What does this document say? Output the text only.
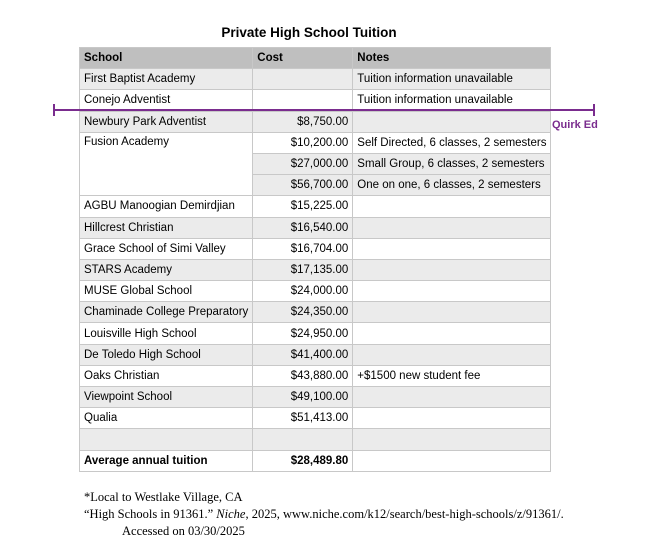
Private High School Tuition
School	Cost	Notes
First Baptist Academy		Tuition information unavailable
Conejo Adventist		Tuition information unavailable
Newbury Park Adventist	$8,750.00	
Fusion Academy	$10,200.00	Self Directed, 6 classes, 2 semesters
	$27,000.00	Small Group, 6 classes, 2 semesters
	$56,700.00	One on one, 6 classes, 2 semesters
AGBU Manoogian Demirdjian	$15,225.00	
Hillcrest Christian	$16,540.00	
Grace School of Simi Valley	$16,704.00	
STARS Academy	$17,135.00	
MUSE Global School	$24,000.00	
Chaminade College Preparatory	$24,350.00	
Louisville High School	$24,950.00	
De Toledo High School	$41,400.00	
Oaks Christian	$43,880.00	+$1500 new student fee
Viewpoint School	$49,100.00	
Qualia	$51,413.00	

Average annual tuition	$28,489.80	
Quirk Ed
*Local to Westlake Village, CA
“High Schools in 91361.” Niche, 2025, www.niche.com/k12/search/best-high-schools/z/91361/.
Accessed on 03/30/2025
